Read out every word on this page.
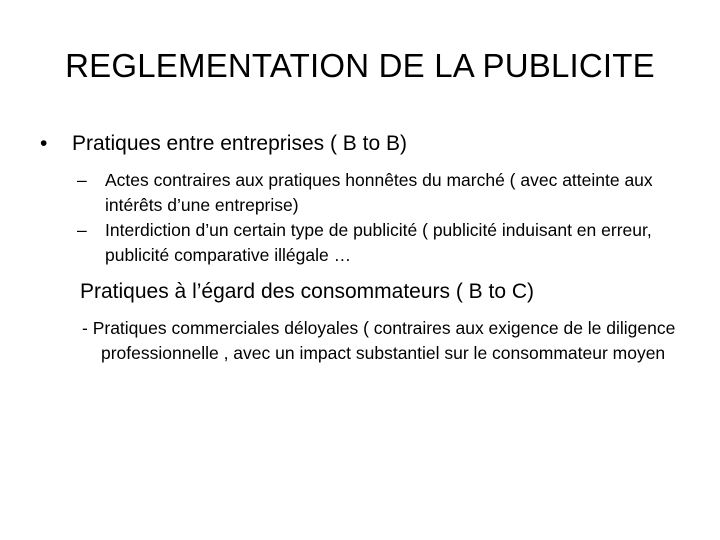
REGLEMENTATION DE LA PUBLICITE
•	Pratiques entre entreprises ( B to B)
– Actes contraires aux pratiques honnêtes du marché ( avec atteinte aux intérêts d’une entreprise)
– Interdiction d’un certain type de publicité ( publicité induisant en erreur, publicité comparative illégale …
Pratiques à l’égard des consommateurs ( B to C)
- Pratiques commerciales déloyales ( contraires aux exigence de le diligence professionnelle , avec un impact substantiel sur le consommateur moyen
